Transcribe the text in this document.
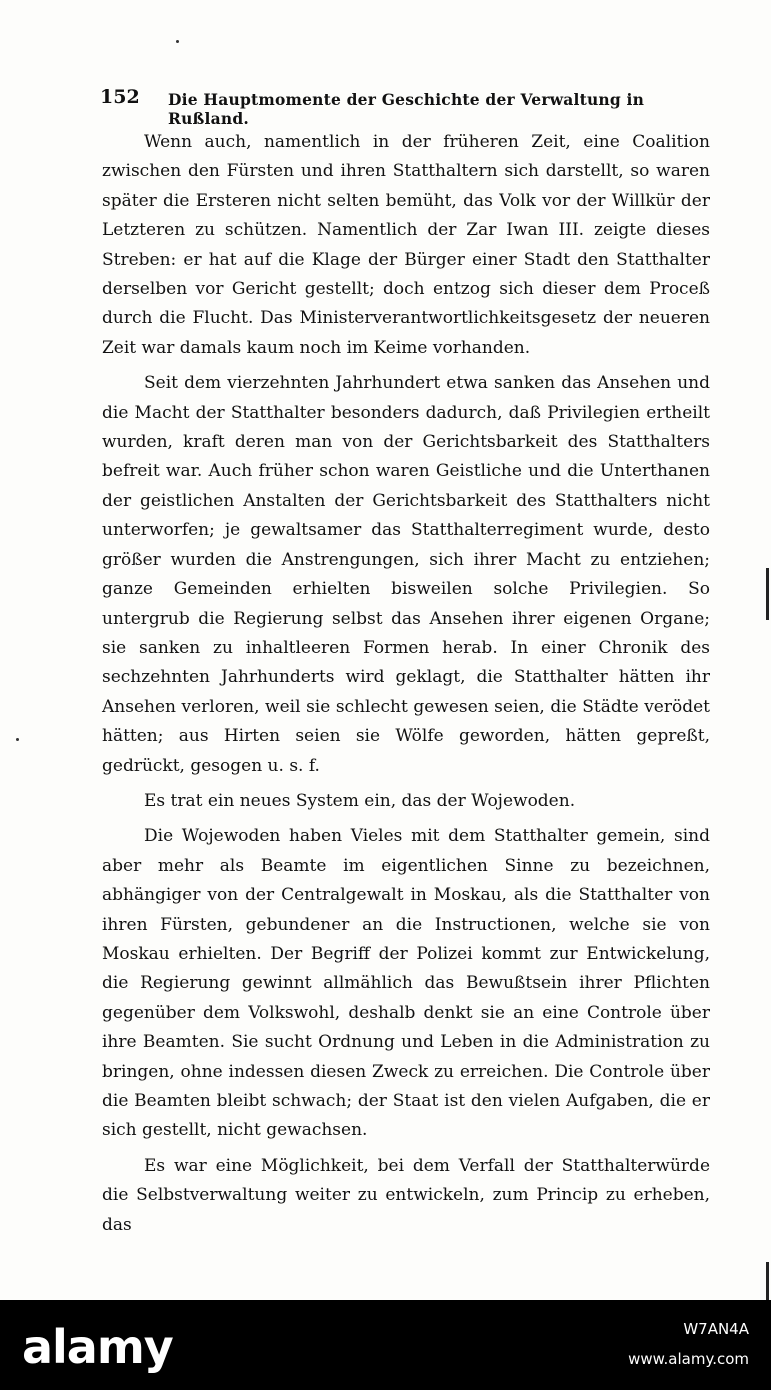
152 Die Hauptmomente der Geschichte der Verwaltung in Rußland.

Wenn auch, namentlich in der früheren Zeit, eine Coalition zwischen den Fürsten und ihren Statthaltern sich darstellt, so waren später die Ersteren nicht selten bemüht, das Volk vor der Willkür der Letzteren zu schützen. Namentlich der Zar Iwan III. zeigte dieses Streben: er hat auf die Klage der Bürger einer Stadt den Statthalter derselben vor Gericht gestellt; doch entzog sich dieser dem Proceß durch die Flucht. Das Ministerverantwortlichkeitsgesetz der neueren Zeit war damals kaum noch im Keime vorhanden.

Seit dem vierzehnten Jahrhundert etwa sanken das Ansehen und die Macht der Statthalter besonders dadurch, daß Privilegien ertheilt wurden, kraft deren man von der Gerichtsbarkeit des Statthalters befreit war. Auch früher schon waren Geistliche und die Unterthanen der geistlichen Anstalten der Gerichtsbarkeit des Statthalters nicht unterworfen; je gewaltsamer das Statthalterregiment wurde, desto größer wurden die Anstrengungen, sich ihrer Macht zu entziehen; ganze Gemeinden erhielten bisweilen solche Privilegien. So untergrub die Regierung selbst das Ansehen ihrer eigenen Organe; sie sanken zu inhaltleeren Formen herab. In einer Chronik des sechzehnten Jahrhunderts wird geklagt, die Statthalter hätten ihr Ansehen verloren, weil sie schlecht gewesen seien, die Städte verödet hätten; aus Hirten seien sie Wölfe geworden, hätten gepreßt, gedrückt, gesogen u. s. f.

Es trat ein neues System ein, das der Wojewoden.

Die Wojewoden haben Vieles mit dem Statthalter gemein, sind aber mehr als Beamte im eigentlichen Sinne zu bezeichnen, abhängiger von der Centralgewalt in Moskau, als die Statthalter von ihren Fürsten, gebundener an die Instructionen, welche sie von Moskau erhielten. Der Begriff der Polizei kommt zur Entwickelung, die Regierung gewinnt allmählich das Bewußtsein ihrer Pflichten gegenüber dem Volkswohl, deshalb denkt sie an eine Controle über ihre Beamten. Sie sucht Ordnung und Leben in die Administration zu bringen, ohne indessen diesen Zweck zu erreichen. Die Controle über die Beamten bleibt schwach; der Staat ist den vielen Aufgaben, die er sich gestellt, nicht gewachsen.

Es war eine Möglichkeit, bei dem Verfall der Statthalterwürde die Selbstverwaltung weiter zu entwickeln, zum Princip zu erheben, das

alamy	W7AN4A
www.alamy.com
